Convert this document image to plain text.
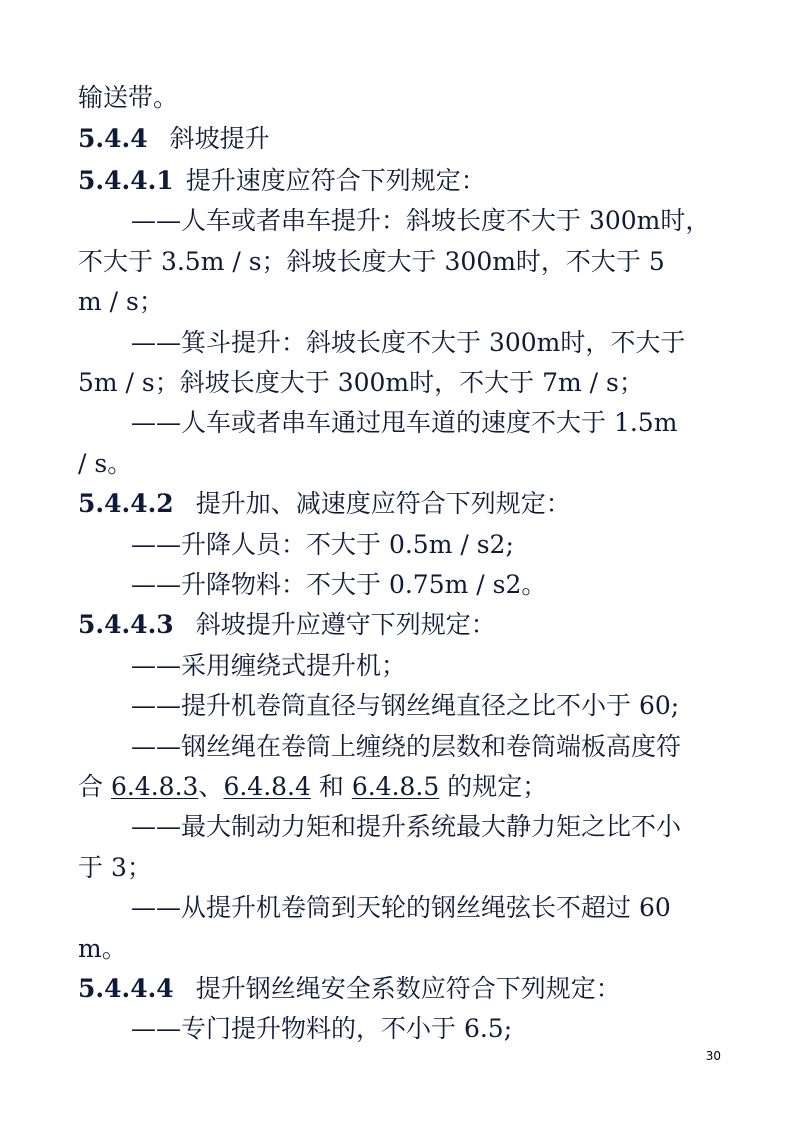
输送带。

5.4.4 斜坡提升

5.4.4.1 提升速度应符合下列规定：

——人车或者串车提升：斜坡长度不大于 300m时，

不大于 3.5m / s；斜坡长度大于 300m时，不大于 5

m / s；

——箕斗提升：斜坡长度不大于 300m时，不大于

5m / s；斜坡长度大于 300m时，不大于 7m / s；

——人车或者串车通过甩车道的速度不大于 1.5m

/ s。

5.4.4.2 提升加、减速度应符合下列规定：

——升降人员：不大于 0.5m / s2;

——升降物料：不大于 0.75m / s2。

5.4.4.3 斜坡提升应遵守下列规定：

——采用缠绕式提升机；

——提升机卷筒直径与钢丝绳直径之比不小于 60;

——钢丝绳在卷筒上缠绕的层数和卷筒端板高度符

合 6.4.8.3、6.4.8.4 和 6.4.8.5 的规定；

——最大制动力矩和提升系统最大静力矩之比不小

于 3；

——从提升机卷筒到天轮的钢丝绳弦长不超过 60

m。

5.4.4.4 提升钢丝绳安全系数应符合下列规定：

——专门提升物料的，不小于 6.5;

30
